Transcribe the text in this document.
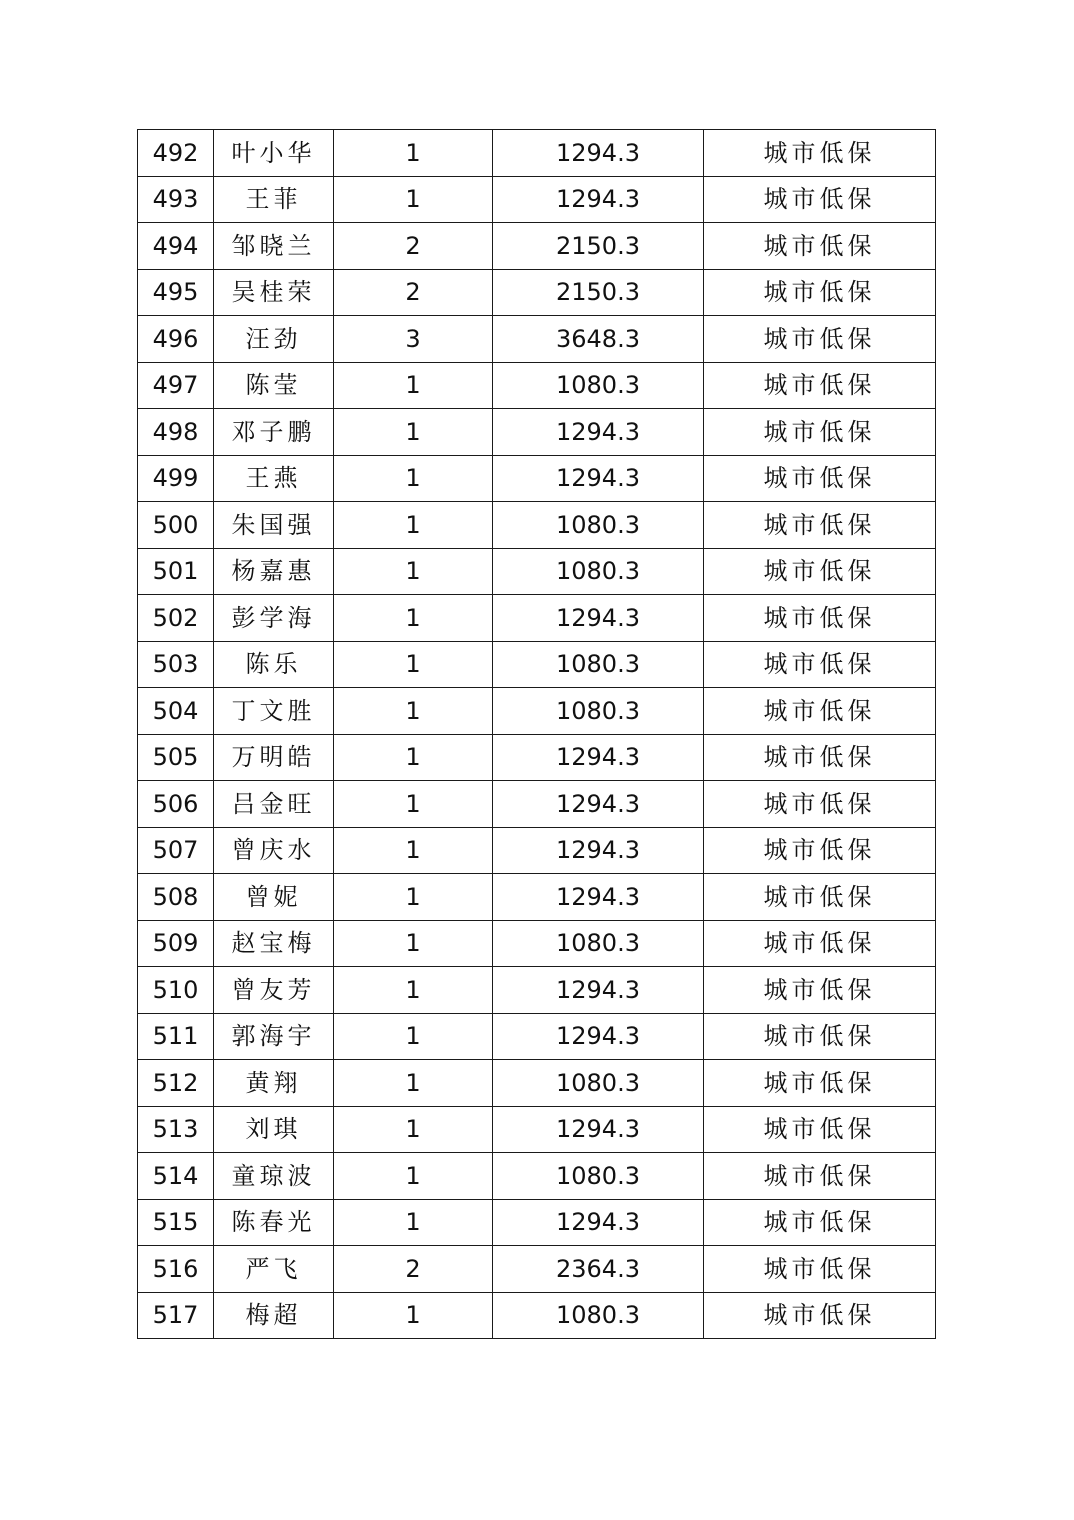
492	叶小华	1	1294.3	城市低保
493	王菲	1	1294.3	城市低保
494	邹晓兰	2	2150.3	城市低保
495	吴桂荣	2	2150.3	城市低保
496	汪劲	3	3648.3	城市低保
497	陈莹	1	1080.3	城市低保
498	邓子鹏	1	1294.3	城市低保
499	王燕	1	1294.3	城市低保
500	朱国强	1	1080.3	城市低保
501	杨嘉惠	1	1080.3	城市低保
502	彭学海	1	1294.3	城市低保
503	陈乐	1	1080.3	城市低保
504	丁文胜	1	1080.3	城市低保
505	万明皓	1	1294.3	城市低保
506	吕金旺	1	1294.3	城市低保
507	曾庆水	1	1294.3	城市低保
508	曾妮	1	1294.3	城市低保
509	赵宝梅	1	1080.3	城市低保
510	曾友芳	1	1294.3	城市低保
511	郭海宇	1	1294.3	城市低保
512	黄翔	1	1080.3	城市低保
513	刘琪	1	1294.3	城市低保
514	童琼波	1	1080.3	城市低保
515	陈春光	1	1294.3	城市低保
516	严飞	2	2364.3	城市低保
517	梅超	1	1080.3	城市低保
